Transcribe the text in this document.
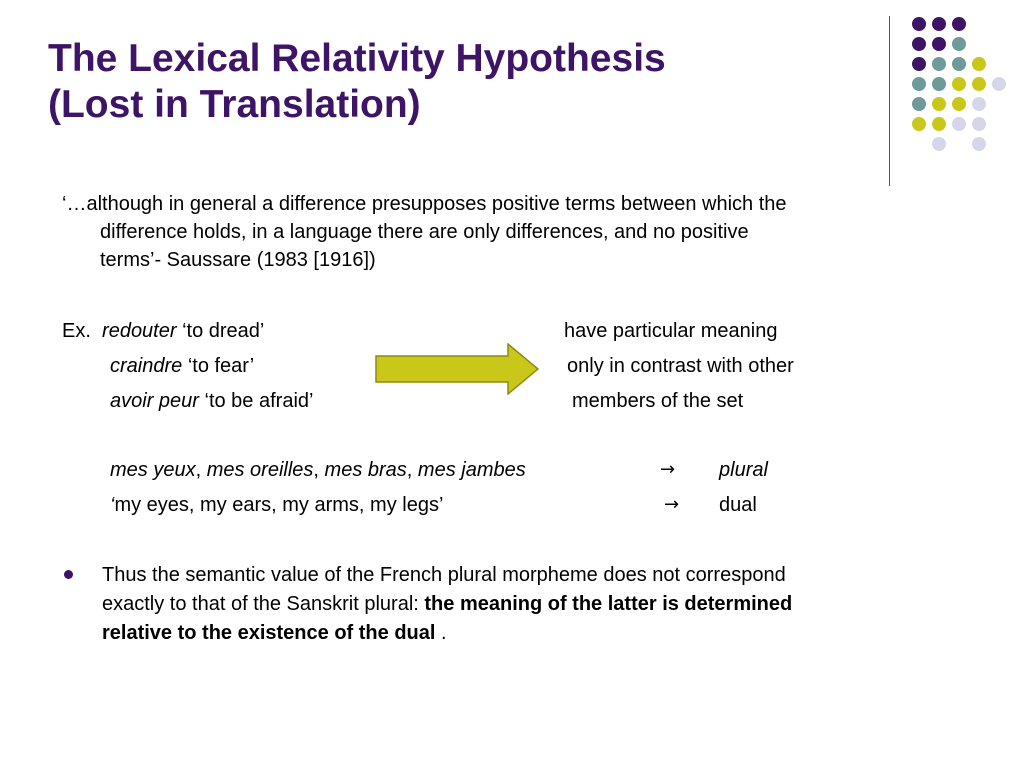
The Lexical Relativity Hypothesis
(Lost in Translation)
‘…although in general a difference presupposes positive terms between which the
difference holds, in a language there are only differences, and no positive
terms’- Saussare (1983 [1916])
Ex. redouter ‘to dread’
craindre ‘to fear’
avoir peur ‘to be afraid’
have particular meaning
only in contrast with other
members of the set
mes yeux, mes oreilles, mes bras, mes jambes	→ plural
‘my eyes, my ears, my arms, my legs’	→ dual
Thus the semantic value of the French plural morpheme does not correspond
exactly to that of the Sanskrit plural: the meaning of the latter is determined
relative to the existence of the dual .
